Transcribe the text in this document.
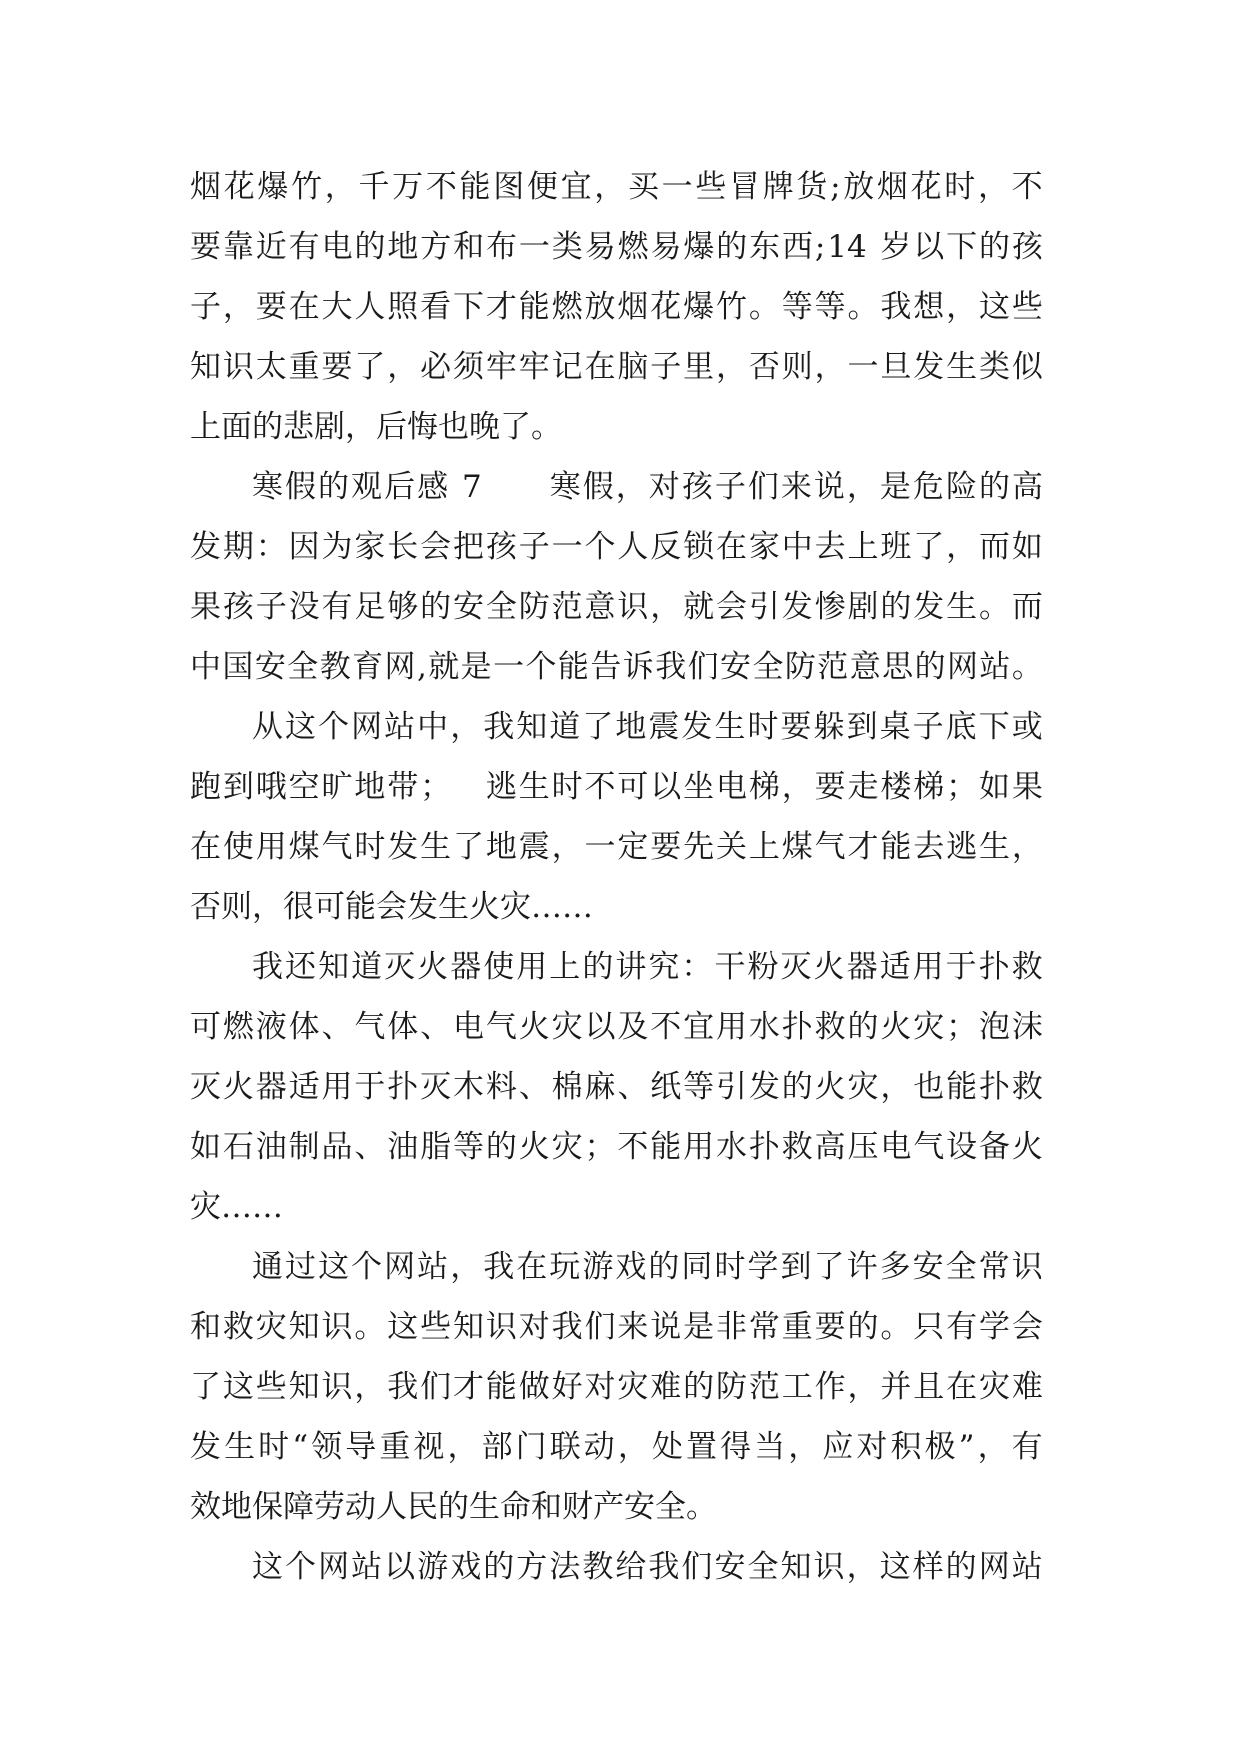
烟 花 爆 竹 ， 千 万 不 能 图 便 宜 ， 买 一 些 冒 牌 货 ; 放 烟 花 时 ， 不
要 靠 近 有 电 的 地 方 和 布 一 类 易 燃 易 爆 的 东 西 ; 14
岁 以 下 的 孩
子 ， 要 在 大 人 照 看 下 才 能 燃 放 烟 花 爆 竹 。 等 等 。 我 想 ， 这 些
知 识 太 重 要 了 ， 必 须 牢 牢 记 在 脑 子 里 ， 否 则 ， 一 旦 发 生 类 似
上面的悲剧，后悔也晚了。
寒 假 的 观 后 感
7

　 寒 假 ， 对 孩 子 们 来 说 ， 是 危 险 的 高
发 期 ： 因 为 家 长 会 把 孩 子 一 个 人 反 锁 在 家 中 去 上 班 了 ， 而 如
果 孩 子 没 有 足 够 的 安 全 防 范 意 识 ， 就 会 引 发 惨 剧 的 发 生 。 而
中 国 安 全 教 育 网 , 就 是 一 个 能 告 诉 我 们 安 全 防 范 意 思 的 网 站 。
从 这 个 网 站 中 ， 我 知 道 了 地 震 发 生 时 要 躲 到 桌 子 底 下 或
跑 到 哦 空 旷 地 带 ；
　 逃 生 时 不 可 以 坐 电 梯 ， 要 走 楼 梯 ； 如 果
在 使 用 煤 气 时 发 生 了 地 震 ， 一 定 要 先 关 上 煤 气 才 能 去 逃 生 ，
否则，很可能会发生火灾……
我 还 知 道 灭 火 器 使 用 上 的 讲 究 ： 干 粉 灭 火 器 适 用 于 扑 救
可 燃 液 体 、 气 体 、 电 气 火 灾 以 及 不 宜 用 水 扑 救 的 火 灾 ； 泡 沫
灭 火 器 适 用 于 扑 灭 木 料 、 棉 麻 、 纸 等 引 发 的 火 灾 ， 也 能 扑 救
如 石 油 制 品 、 油 脂 等 的 火 灾 ； 不 能 用 水 扑 救 高 压 电 气 设 备 火
灾……
通 过 这 个 网 站 ， 我 在 玩 游 戏 的 同 时 学 到 了 许 多 安 全 常 识
和 救 灾 知 识 。 这 些 知 识 对 我 们 来 说 是 非 常 重 要 的 。 只 有 学 会
了 这 些 知 识 ， 我 们 才 能 做 好 对 灾 难 的 防 范 工 作 ， 并 且 在 灾 难
发 生 时 “ 领 导 重 视 ， 部 门 联 动 ， 处 置 得 当 ， 应 对 积 极 ” ， 有
效地保障劳动人民的生命和财产安全。
这 个 网 站 以 游 戏 的 方 法 教 给 我 们 安 全 知 识 ， 这 样 的 网 站
